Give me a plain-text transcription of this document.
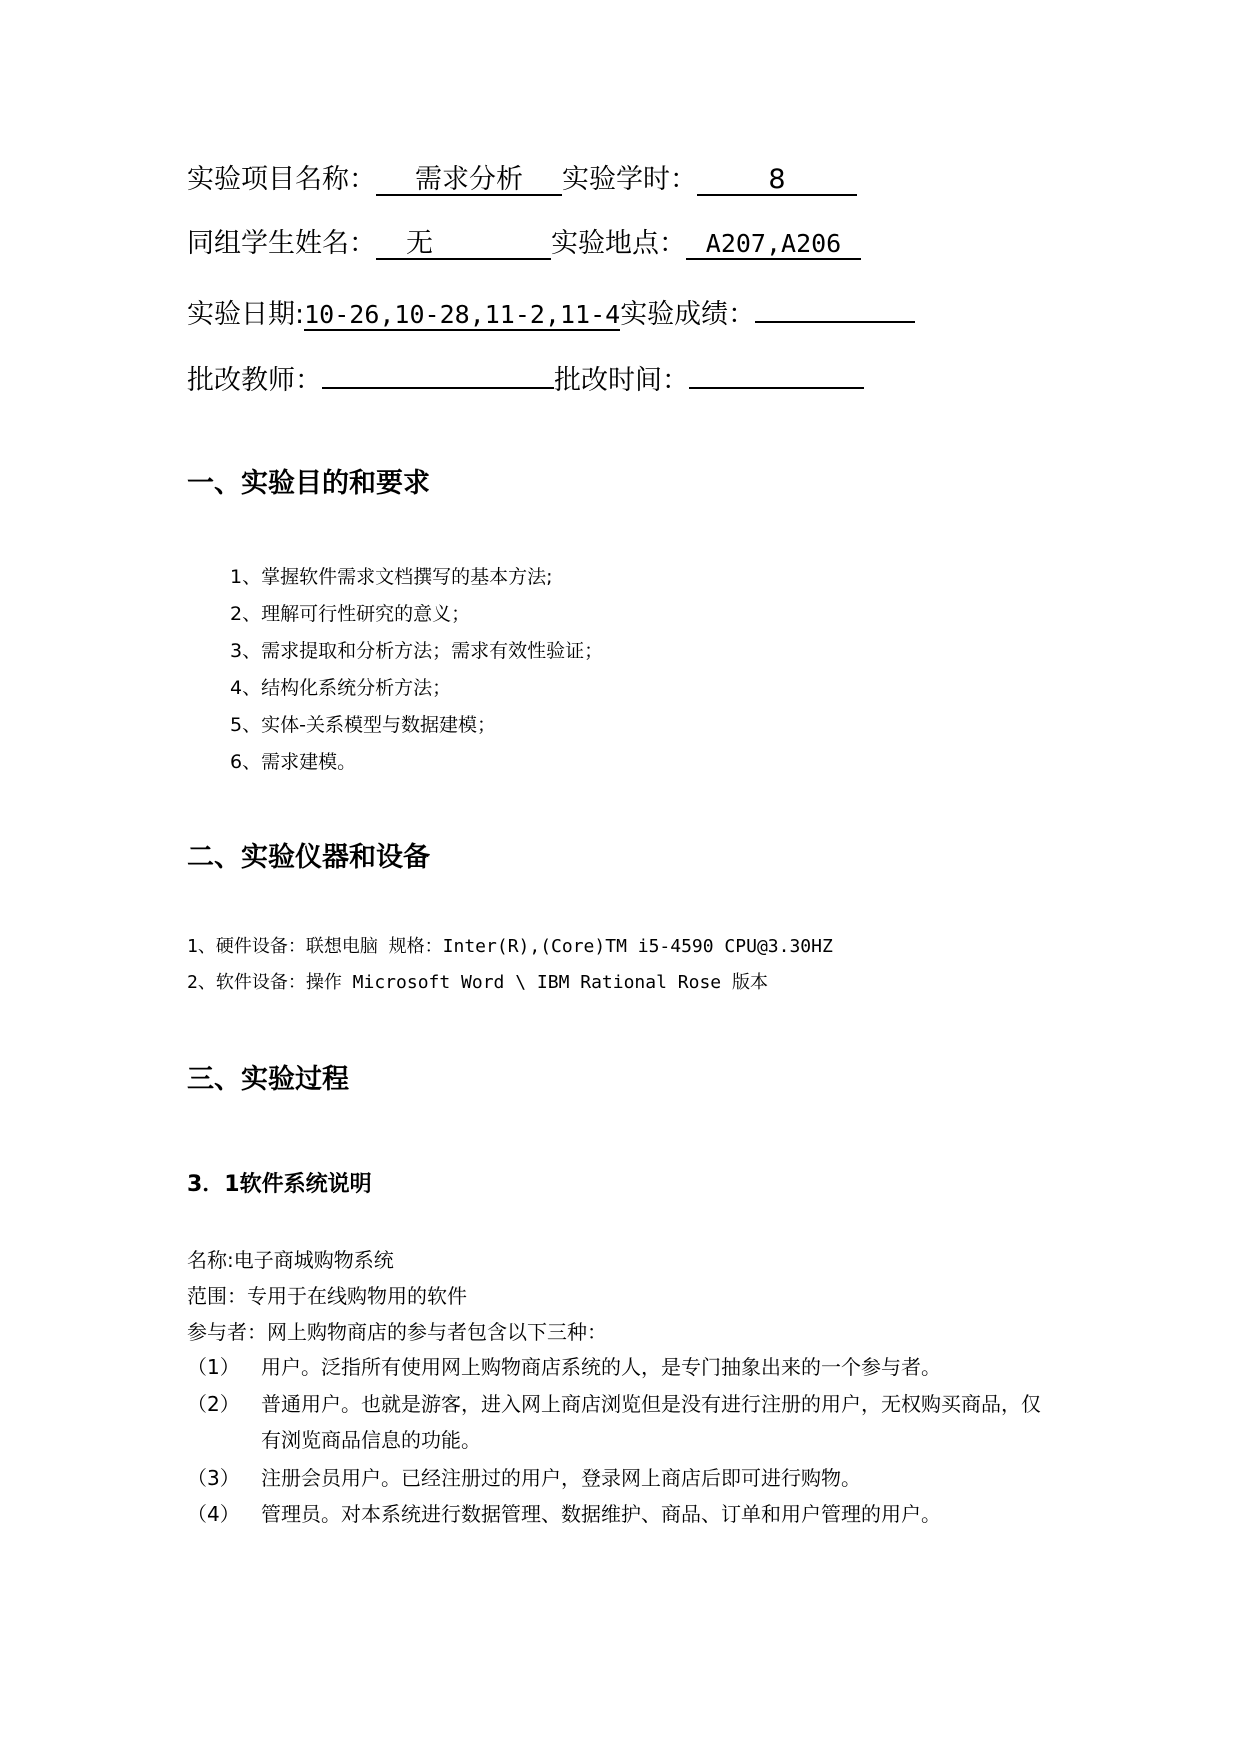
实验项目名称： 需求分析 实验学时：	8
同组学生姓名： 无	实验地点： A207,A206
实验日期:10-26,10-28,11-2,11-4实验成绩：
批改教师：	批改时间：
一、实验目的和要求
1、掌握软件需求文档撰写的基本方法;
2、理解可行性研究的意义；
3、需求提取和分析方法；需求有效性验证；
4、结构化系统分析方法；
5、实体-关系模型与数据建模；
6、需求建模。
二、实验仪器和设备
1、硬件设备：联想电脑 规格：Inter(R),(Core)TM i5-4590 CPU@3.30HZ
2、软件设备：操作 Microsoft Word \ IBM Rational Rose 版本
三、实验过程
3．1软件系统说明
名称:电子商城购物系统
范围：专用于在线购物用的软件
参与者：网上购物商店的参与者包含以下三种：
（1） 用户。泛指所有使用网上购物商店系统的人，是专门抽象出来的一个参与者。
（2） 普通用户。也就是游客，进入网上商店浏览但是没有进行注册的用户，无权购买商品，仅有浏览商品信息的功能。
（3） 注册会员用户。已经注册过的用户，登录网上商店后即可进行购物。
（4） 管理员。对本系统进行数据管理、数据维护、商品、订单和用户管理的用户。
